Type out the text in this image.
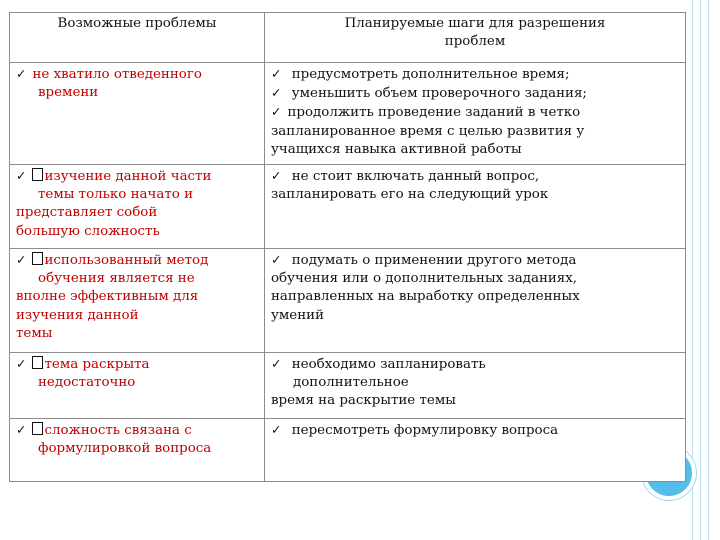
Возможные проблемы	Планируемые шаги для разрешения
проблем

✓ не хватило отведенного
времени	✓ предусмотреть дополнительное время;
✓ уменьшить объем проверочного задания;
✓ продолжить проведение заданий в четко
запланированное время с целью развития у
учащихся навыка активной работы

✓ изучение данной части
темы только начато и
представляет собой
большую сложность	✓ не стоит включать данный вопрос,
запланировать его на следующий урок

✓ использованный метод
обучения является не
вполне эффективным для
изучения данной
темы	✓ подумать о применении другого метода
обучения или о дополнительных заданиях,
направленных на выработку определенных
умений

✓ тема раскрыта
недостаточно	✓ необходимо запланировать
дополнительное
время на раскрытие темы

✓ сложность связана с
формулировкой вопроса	✓ пересмотреть формулировку вопроса
